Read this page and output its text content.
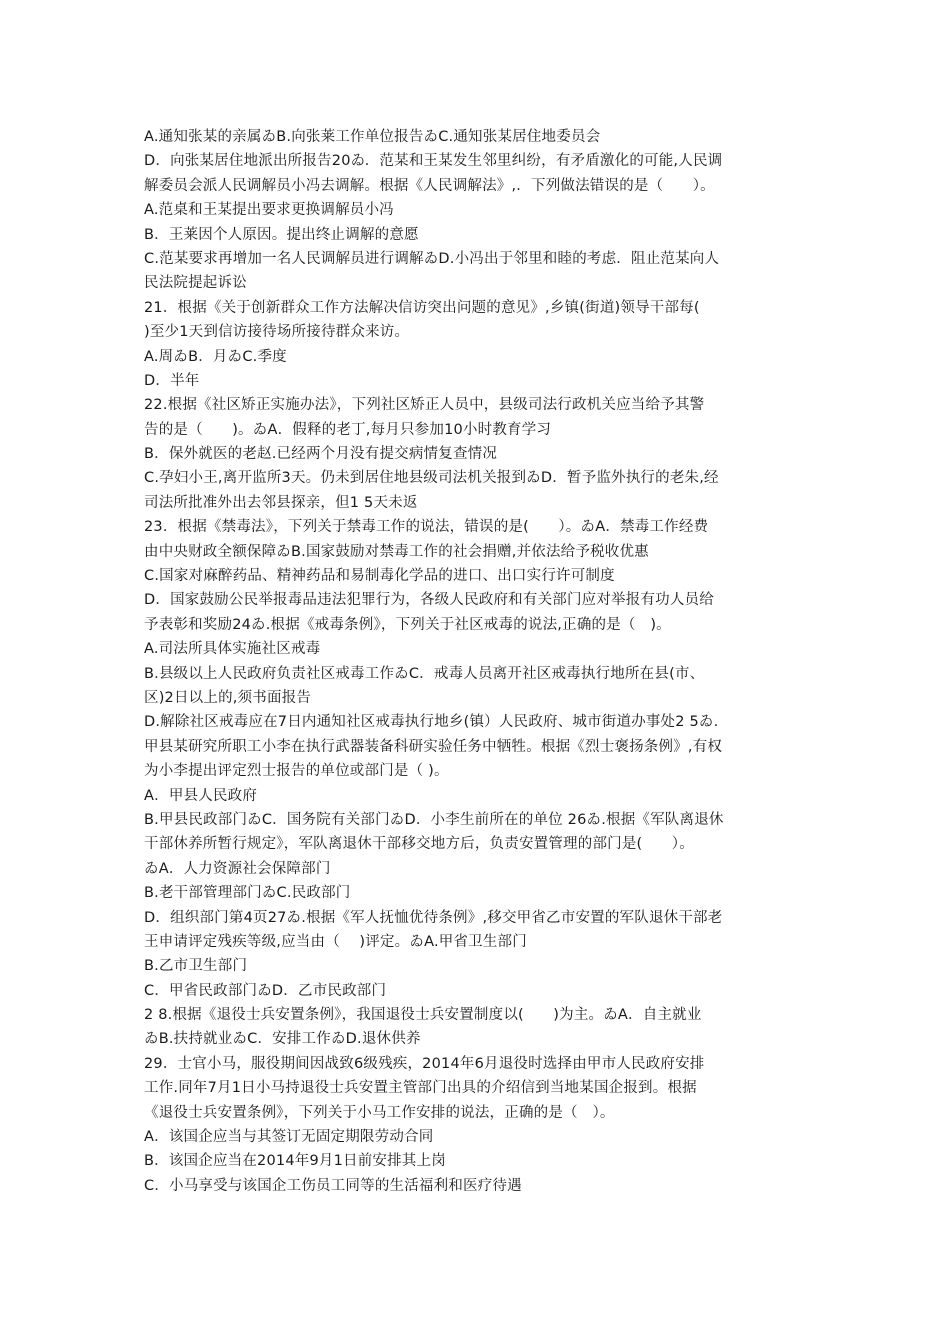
A.通知张某的亲属ゐB.向张莱工作单位报告ゐC.通知张某居住地委员会
D．向张某居住地派出所报告20ゐ．范某和王某发生邻里纠纷，有矛盾激化的可能,人民调
解委员会派人民调解员小冯去调解。根据《人民调解法》,．下列做法错误的是（　　）。
A.范桌和王某提出要求更换调解员小冯
B．王莱因个人原因。提出终止调解的意愿
C.范某要求再增加一名人民调解员进行调解ゐD.小冯出于邻里和睦的考虑．阻止范某向人
民法院提起诉讼
21．根据《关于创新群众工作方法解决信访突出问题的意见》,乡镇(街道)领导干部每(
)至少1天到信访接待场所接待群众来访。
A.周ゐB．月ゐC.季度
D．半年
22.根据《社区矫正实施办法》，下列社区矫正人员中，县级司法行政机关应当给予其警
告的是（　　)。ゐA．假释的老丁,每月只参加10小时教育学习
B．保外就医的老赵.已经两个月没有提交病情复查情况
C.孕妇小王,离开监所3天。仍未到居住地县级司法机关报到ゐD．暂予监外执行的老朱,经
司法所批准外出去邻县探亲，但1 5天未返
23．根据《禁毒法》，下列关于禁毒工作的说法，错误的是(　　）。ゐA．禁毒工作经费
由中央财政全额保障ゐB.国家鼓励对禁毒工作的社会捐赠,并依法给予税收优惠
C.国家对麻醉药品、精神药品和易制毒化学品的进口、出口实行许可制度
D．国家鼓励公民举报毒品违法犯罪行为，各级人民政府和有关部门应对举报有功人员给
予表彰和奖励24ゐ.根据《戒毒条例》，下列关于社区戒毒的说法,正确的是（　)。
A.司法所具体实施社区戒毒
B.县级以上人民政府负责社区戒毒工作ゐC．戒毒人员离开社区戒毒执行地所在县(市、
区)2日以上的,须书面报告
D.解除社区戒毒应在7日内通知社区戒毒执行地乡(镇）人民政府、城市街道办事处2 5ゐ.
甲县某研究所职工小李在执行武器装备科研实验任务中牺牲。根据《烈士褒扬条例》,有权
为小李提出评定烈士报告的单位或部门是（ )。
A．甲县人民政府
B.甲县民政部门ゐC．国务院有关部门ゐD．小李生前所在的单位 26ゐ.根据《军队离退休
干部休养所暂行规定》，军队离退休干部移交地方后，负责安置管理的部门是(　　）。
ゐA．人力资源社会保障部门
B.老干部管理部门ゐC.民政部门
D．组织部门第4页27ゐ.根据《军人抚恤优待条例》,移交甲省乙市安置的军队退休干部老
王申请评定残疾等级,应当由（　 )评定。ゐA.甲省卫生部门
B.乙市卫生部门
C．甲省民政部门ゐD．乙市民政部门
2 8.根据《退役士兵安置条例》，我国退役士兵安置制度以(　　)为主。ゐA．自主就业
ゐB.扶持就业ゐC．安排工作ゐD.退休供养
29．士官小马，服役期间因战致6级残疾，2014年6月退役时选择由甲市人民政府安排
工作.同年7月1日小马持退役士兵安置主管部门出具的介绍信到当地某国企报到。根据
《退役士兵安置条例》，下列关于小马工作安排的说法，正确的是（　）。
A．该国企应当与其签订无固定期限劳动合同
B．该国企应当在2014年9月1日前安排其上岗
C．小马享受与该国企工伤员工同等的生活福利和医疗待遇
